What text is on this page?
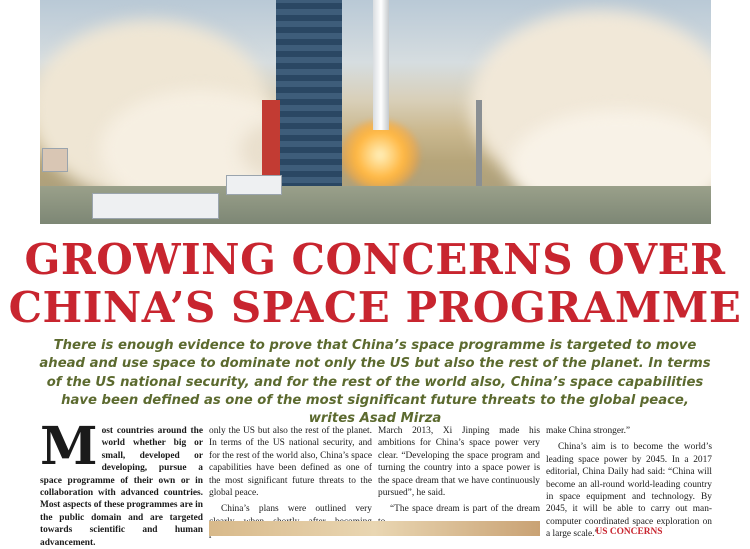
GROWING CONCERNS OVER
CHINA’S SPACE PROGRAMME

There is enough evidence to prove that China’s space programme is targeted to move ahead and use space to dominate not only the US but also the rest of the planet. In terms of the US national security, and for the rest of the world also, China’s space capabilities have been defined as one of the most significant future threats to the global peace, writes Asad Mirza

M ost countries around the world whether big or small, developed or developing, pursue a space programme of their own or in collaboration with advanced countries. Most aspects of these programmes are in the public domain and are targeted towards scientific and human advancement.

only the US but also the rest of the planet. In terms of the US national security, and for the rest of the world also, China’s space capabilities have been defined as one of the most significant future threats to the global peace.

China’s plans were outlined very

March 2013, Xi Jinping made his ambitions for China’s space power very clear. “Developing the space program and turning the country into a space power is the space dream that we have continuously pursued”, he said.

“The space dream is part of the dream

make China stronger.”

China’s aim is to become the world’s leading space power by 2045. In a 2017 editorial, China Daily had said: “China will become an all-round world-leading country in space equipment and technology. By 2045, it will be able to carry out man-computer coordinated space exploration on a large scale.”

US CONCERNS
